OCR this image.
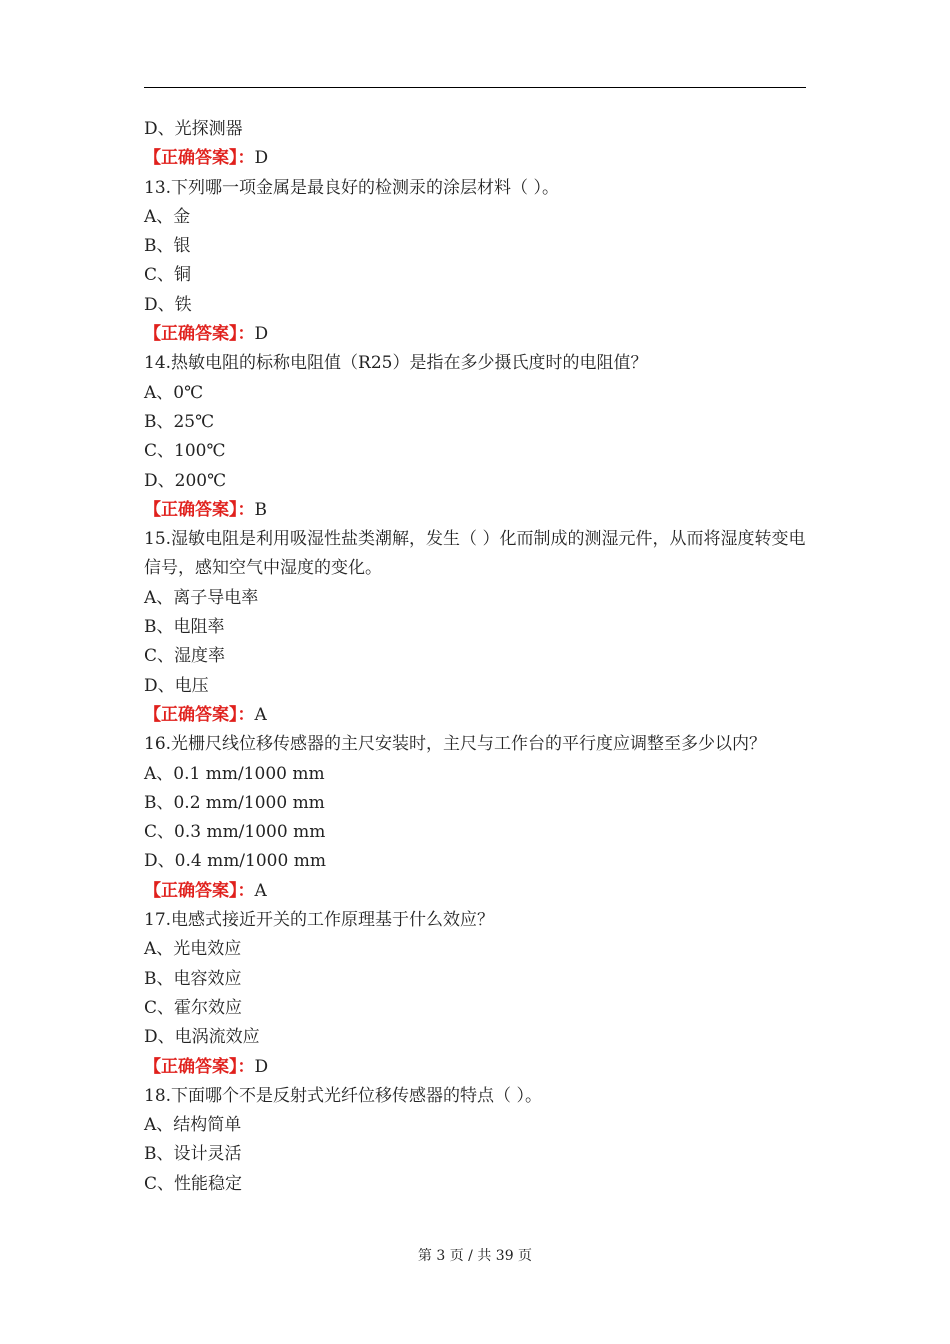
D、光探测器
【正确答案】：D
13.下列哪一项金属是最良好的检测汞的涂层材料（ ）。
A、金
B、银
C、铜
D、铁
【正确答案】：D
14.热敏电阻的标称电阻值（R25）是指在多少摄氏度时的电阻值？
A、0℃
B、25℃
C、100℃
D、200℃
【正确答案】：B
15.湿敏电阻是利用吸湿性盐类潮解，发生（ ）化而制成的测湿元件，从而将湿度转变电信号，感知空气中湿度的变化。
A、离子导电率
B、电阻率
C、湿度率
D、电压
【正确答案】：A
16.光栅尺线位移传感器的主尺安装时，主尺与工作台的平行度应调整至多少以内？
A、0.1 mm/1000 mm
B、0.2 mm/1000 mm
C、0.3 mm/1000 mm
D、0.4 mm/1000 mm
【正确答案】：A
17.电感式接近开关的工作原理基于什么效应？
A、光电效应
B、电容效应
C、霍尔效应
D、电涡流效应
【正确答案】：D
18.下面哪个不是反射式光纤位移传感器的特点（ ）。
A、结构简单
B、设计灵活
C、性能稳定
第 3 页 / 共 39 页
